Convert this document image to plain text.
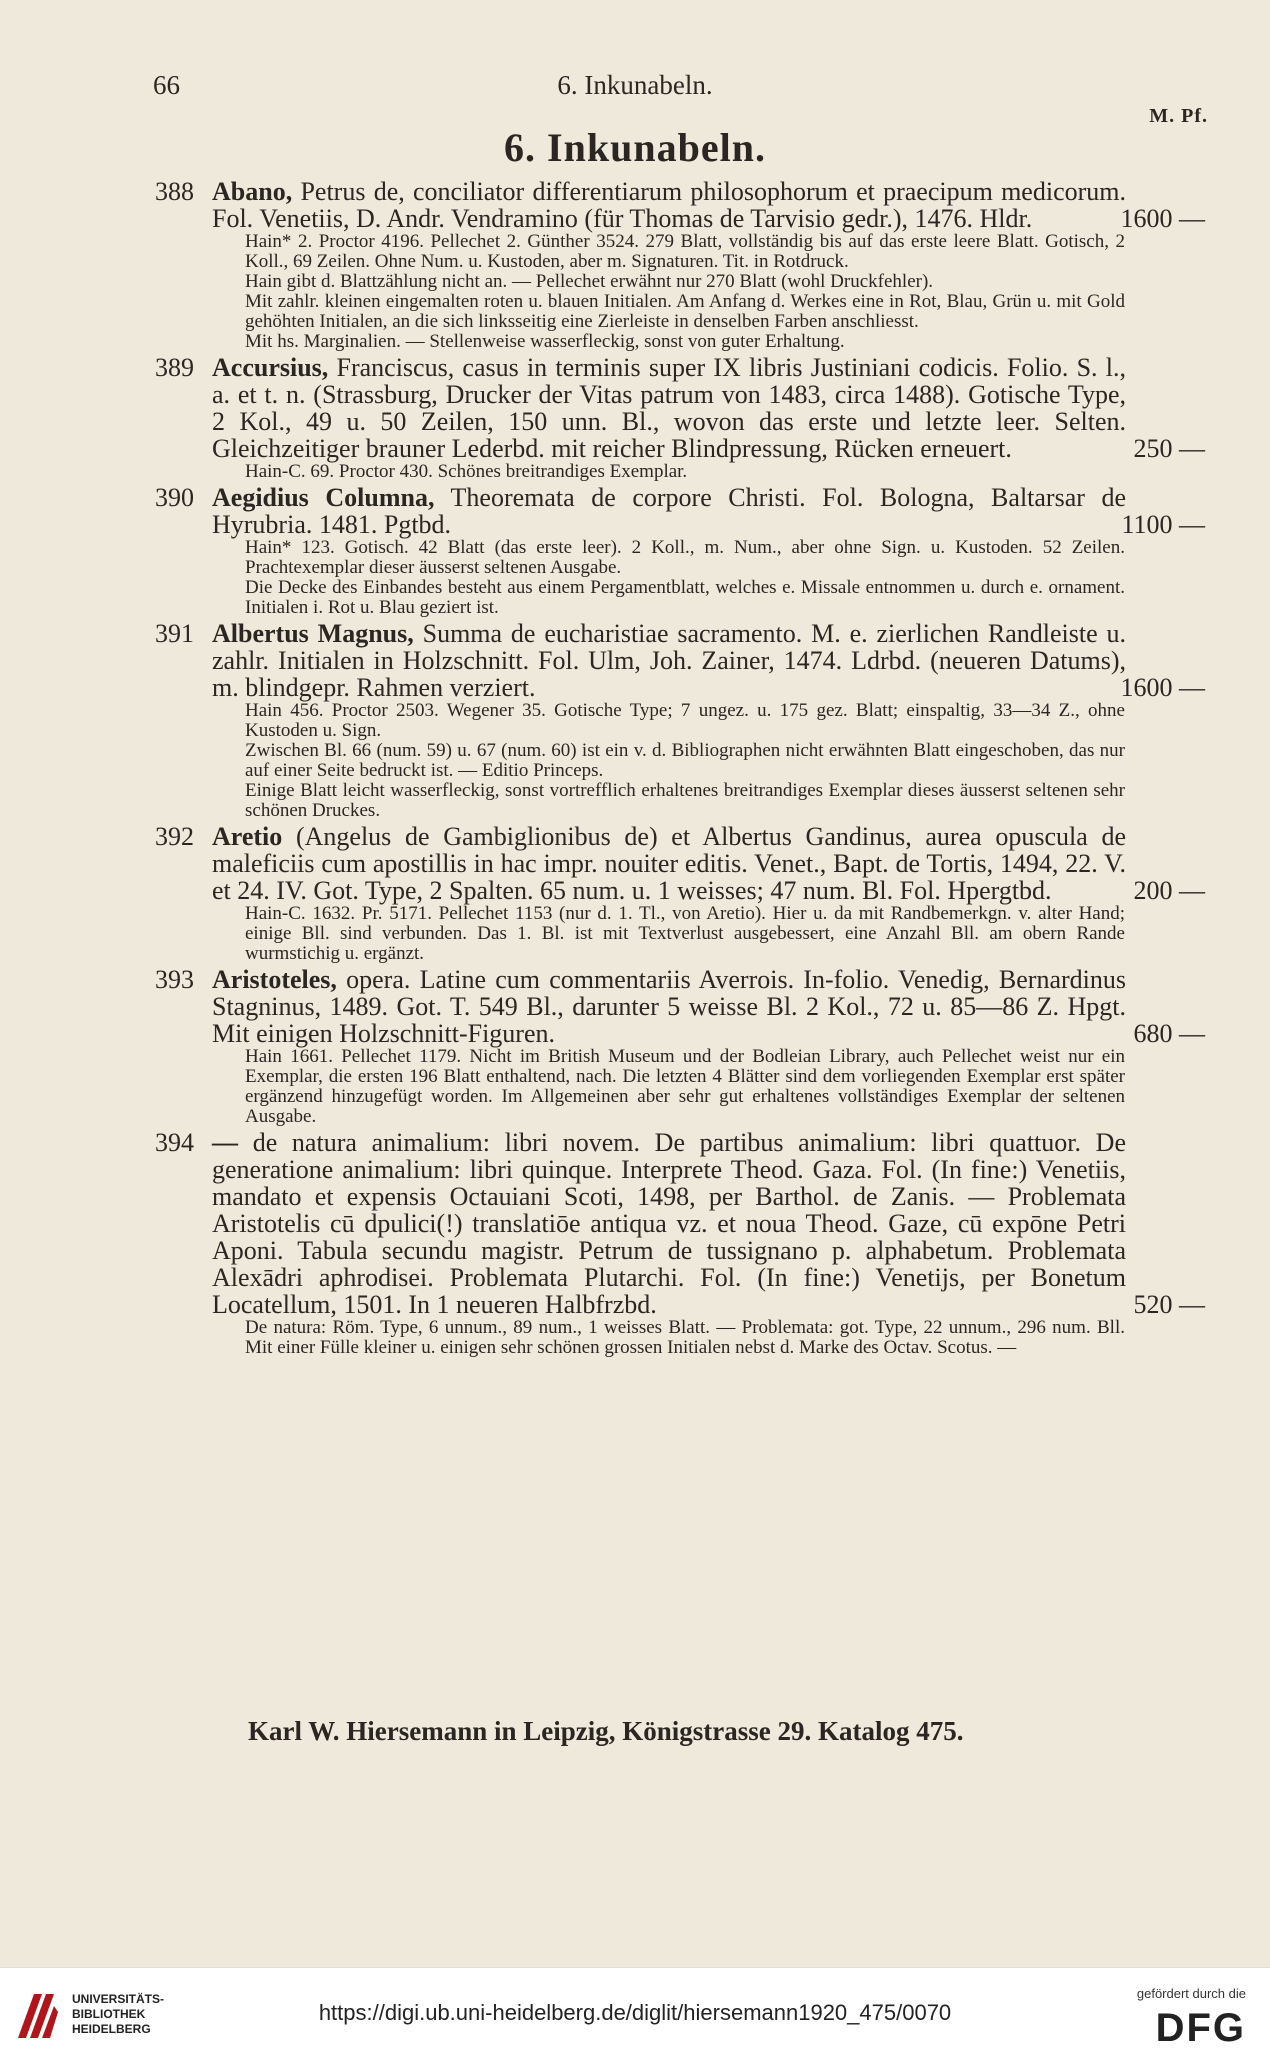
66	6. Inkunabeln.
M. Pf.
6. Inkunabeln.
388 Abano, Petrus de, conciliator differentiarum philosophorum et praecipum medicorum. Fol. Venetiis, D. Andr. Vendramino (für Thomas de Tarvisio gedr.), 1476. Hldr.	1600 —
Hain* 2. Proctor 4196. Pellechet 2. Günther 3524. 279 Blatt, vollständig bis auf das erste leere Blatt. Gotisch, 2 Koll., 69 Zeilen. Ohne Num. u. Kustoden, aber m. Signaturen. Tit. in Rotdruck.
Hain gibt d. Blattzählung nicht an. — Pellechet erwähnt nur 270 Blatt (wohl Druckfehler).
Mit zahlr. kleinen eingemalten roten u. blauen Initialen. Am Anfang d. Werkes eine in Rot, Blau, Grün u. mit Gold gehöhten Initialen, an die sich linksseitig eine Zierleiste in denselben Farben anschliesst.
Mit hs. Marginalien. — Stellenweise wasserfleckig, sonst von guter Erhaltung.
389 Accursius, Franciscus, casus in terminis super IX libris Justiniani codicis. Folio. S. l., a. et t. n. (Strassburg, Drucker der Vitas patrum von 1483, circa 1488). Gotische Type, 2 Kol., 49 u. 50 Zeilen, 150 unn. Bl., wovon das erste und letzte leer. Selten. Gleichzeitiger brauner Lederbd. mit reicher Blindpressung, Rücken erneuert.	250 —
Hain-C. 69. Proctor 430. Schönes breitrandiges Exemplar.
390 Aegidius Columna, Theoremata de corpore Christi. Fol. Bologna, Baltarsar de Hyrubria. 1481. Pgtbd.	1100 —
Hain* 123. Gotisch. 42 Blatt (das erste leer). 2 Koll., m. Num., aber ohne Sign. u. Kustoden. 52 Zeilen. Prachtexemplar dieser äusserst seltenen Ausgabe.
Die Decke des Einbandes besteht aus einem Pergamentblatt, welches e. Missale entnommen u. durch e. ornament. Initialen i. Rot u. Blau geziert ist.
391 Albertus Magnus, Summa de eucharistiae sacramento. M. e. zierlichen Randleiste u. zahlr. Initialen in Holzschnitt. Fol. Ulm, Joh. Zainer, 1474. Ldrbd. (neueren Datums), m. blindgepr. Rahmen verziert.	1600 —
Hain 456. Proctor 2503. Wegener 35. Gotische Type; 7 ungez. u. 175 gez. Blatt; einspaltig, 33—34 Z., ohne Kustoden u. Sign.
Zwischen Bl. 66 (num. 59) u. 67 (num. 60) ist ein v. d. Bibliographen nicht erwähnten Blatt eingeschoben, das nur auf einer Seite bedruckt ist. — Editio Princeps.
Einige Blatt leicht wasserfleckig, sonst vortrefflich erhaltenes breitrandiges Exemplar dieses äusserst seltenen sehr schönen Druckes.
392 Aretio (Angelus de Gambiglionibus de) et Albertus Gandinus, aurea opuscula de maleficiis cum apostillis in hac impr. nouiter editis. Venet., Bapt. de Tortis, 1494, 22. V. et 24. IV. Got. Type, 2 Spalten. 65 num. u. 1 weisses; 47 num. Bl. Fol. Hpergtbd.	200 —
Hain-C. 1632. Pr. 5171. Pellechet 1153 (nur d. 1. Tl., von Aretio). Hier u. da mit Randbemerkgn. v. alter Hand; einige Bll. sind verbunden. Das 1. Bl. ist mit Textverlust ausgebessert, eine Anzahl Bll. am obern Rande wurmstichig u. ergänzt.
393 Aristoteles, opera. Latine cum commentariis Averrois. In-folio. Venedig, Bernardinus Stagninus, 1489. Got. T. 549 Bl., darunter 5 weisse Bl. 2 Kol., 72 u. 85—86 Z. Hpgt. Mit einigen Holzschnitt-Figuren.	680 —
Hain 1661. Pellechet 1179. Nicht im British Museum und der Bodleian Library, auch Pellechet weist nur ein Exemplar, die ersten 196 Blatt enthaltend, nach. Die letzten 4 Blätter sind dem vorliegenden Exemplar erst später ergänzend hinzugefügt worden. Im Allgemeinen aber sehr gut erhaltenes vollständiges Exemplar der seltenen Ausgabe.
394 — de natura animalium: libri novem. De partibus animalium: libri quattuor. De generatione animalium: libri quinque. Interprete Theod. Gaza. Fol. (In fine:) Venetiis, mandato et expensis Octauiani Scoti, 1498, per Barthol. de Zanis. — Problemata Aristotelis cū dpulici(!) translatiōe antiqua vz. et noua Theod. Gaze, cū expōne Petri Aponi. Tabula secundu magistr. Petrum de tussignano p. alphabetum. Problemata Alexādri aphrodisei. Problemata Plutarchi. Fol. (In fine:) Venetijs, per Bonetum Locatellum, 1501. In 1 neueren Halbfrzbd.	520 —
De natura: Röm. Type, 6 unnum., 89 num., 1 weisses Blatt. — Problemata: got. Type, 22 unnum., 296 num. Bll. Mit einer Fülle kleiner u. einigen sehr schönen grossen Initialen nebst d. Marke des Octav. Scotus. —
Karl W. Hiersemann in Leipzig, Königstrasse 29. Katalog 475.
UNIVERSITÄTS-
BIBLIOTHEK
HEIDELBERG
https://digi.ub.uni-heidelberg.de/diglit/hiersemann1920_475/0070
gefördert durch die
DFG
